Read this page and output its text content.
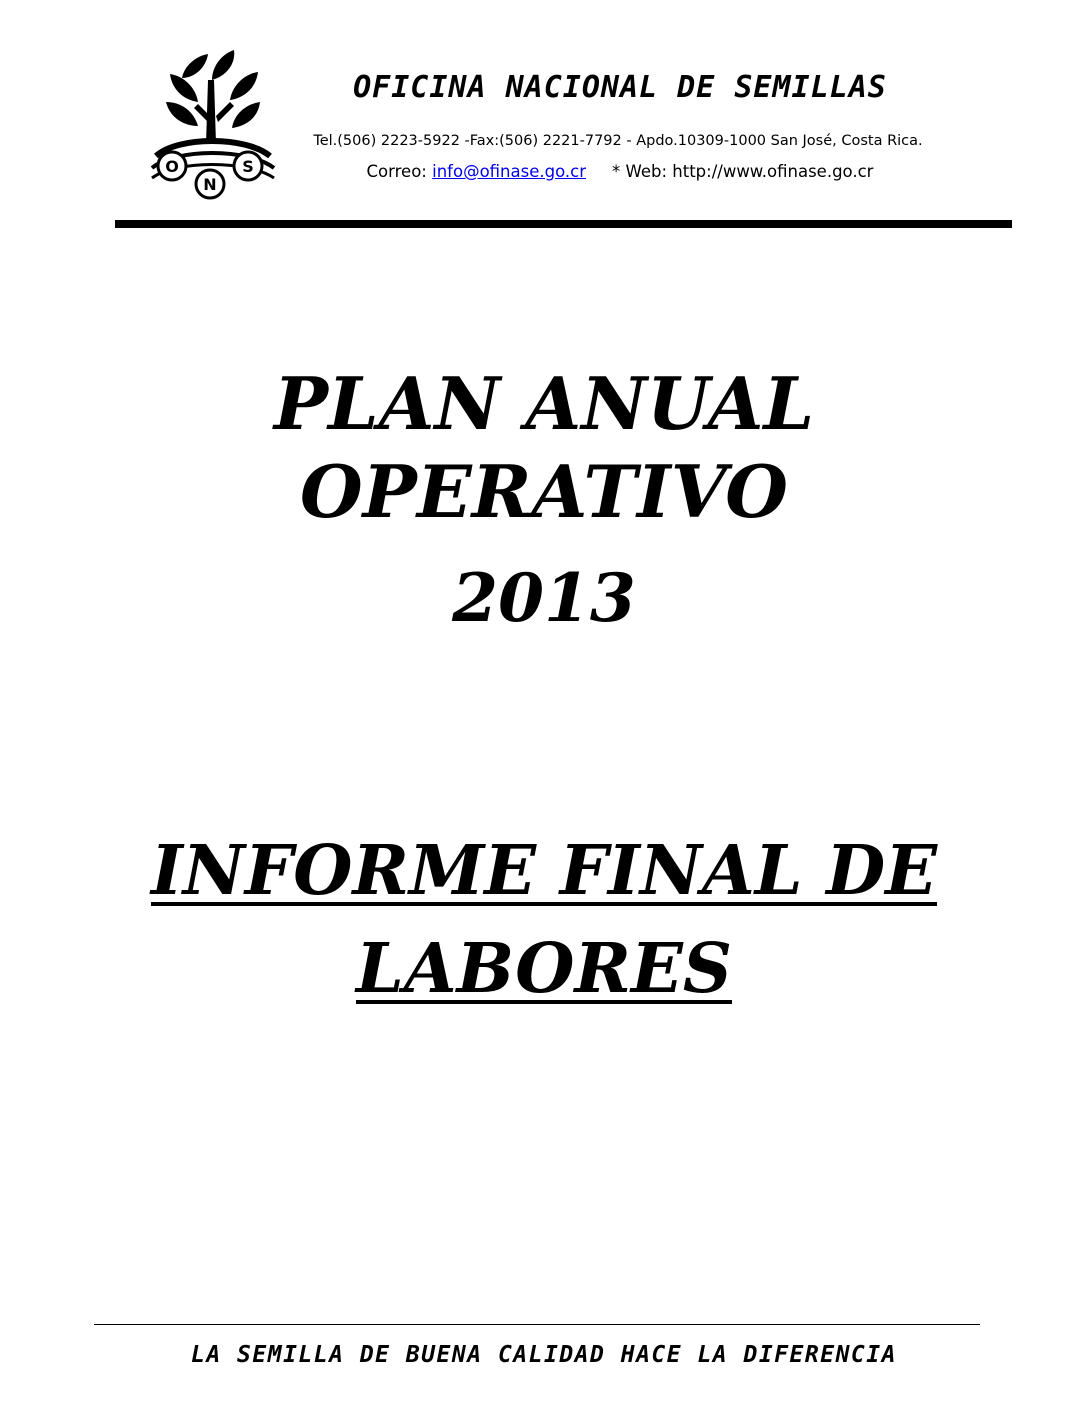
O
N
S
OFICINA NACIONAL DE SEMILLAS
Tel.(506) 2223-5922 -Fax:(506) 2221-7792 - Apdo.10309-1000 San José, Costa Rica.
Correo: info@ofinase.go.cr * Web: http://www.ofinase.go.cr
PLAN ANUAL
OPERATIVO
2013
INFORME FINAL DE
LABORES
LA SEMILLA DE BUENA CALIDAD HACE LA DIFERENCIA
